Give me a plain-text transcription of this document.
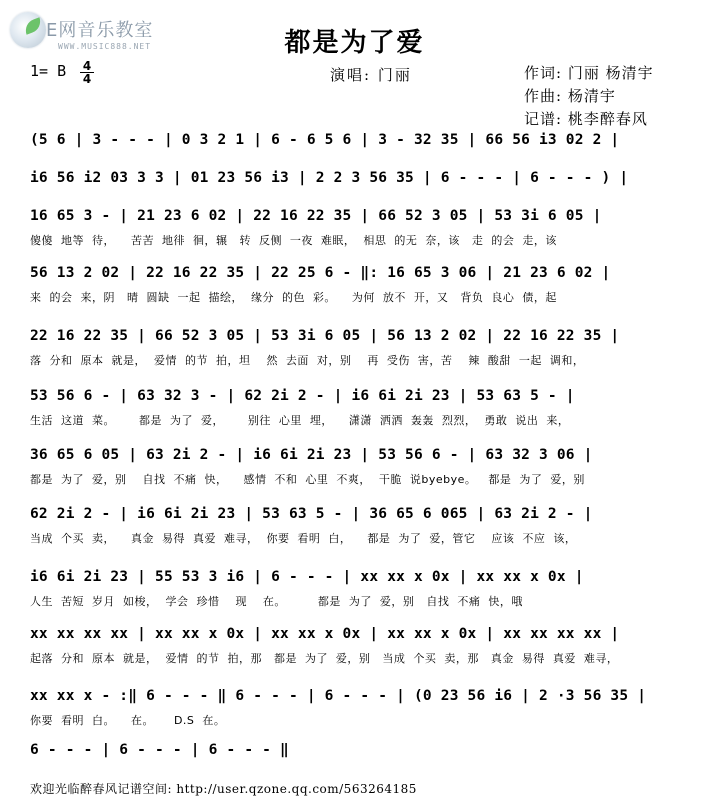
E网音乐教室
WWW.MUSIC888.NET	都是为了爱
1= B 4
4	演唱: 门丽	作词: 门丽 杨清宇
作曲: 杨清宇
记谱: 桃李醉春风
(5 6 | 3 - - - | 0 3 2 1 | 6 - 6 5 6 | 3 - 32 35 | 66 56 i3 02 2 |
i6 56 i2 03 3 3 | 01 23 56 i3 | 2 2 3 56 35 | 6 - - - | 6 - - - ) |
16 65 3 - | 21 23 6 02 | 22 16 22 35 | 66 52 3 05 | 53 3i 6 05 |
傻傻  地等  待，    苦苦  地徘  徊，辗   转  反侧  一夜  难眠，  相思  的无  奈，该   走  的会  走，该
56 13 2 02 | 22 16 22 35 | 22 25 6 - ‖: 16 65 3 06 | 21 23 6 02 |
来  的会  来，阴   晴  圆缺  一起  描绘，  缘分  的色  彩。    为何  放不  开，又   背负  良心  债，起
22 16 22 35 | 66 52 3 05 | 53 3i 6 05 | 56 13 2 02 | 22 16 22 35 |
落  分和  原本  就是，  爱情  的节  拍，坦    然  去面  对，别    再  受伤  害，苦    辣  酸甜  一起  调和，
53 56 6 - | 63 32 3 - | 62 2i 2 - | i6 6i 2i 23 | 53 63 5 - |
生活  这道  菜。      都是  为了  爱，      别往  心里  埋，    潇潇  洒洒  轰轰  烈烈，  勇敢  说出  来，
36 65 6 05 | 63 2i 2 - | i6 6i 2i 23 | 53 56 6 - | 63 32 3 06 |
都是  为了  爱，别    自找  不痛  快，    感情  不和  心里  不爽，  干脆  说byebye。   都是  为了  爱，别
62 2i 2 - | i6 6i 2i 23 | 53 63 5 - | 36 65 6 065 | 63 2i 2 - |
当成  个买  卖，    真金  易得  真爱  难寻，  你要  看明  白，    都是  为了  爱，管它    应该  不应  该，
i6 6i 2i 23 | 55 53 3 i6 | 6 - - - | xx xx x 0x | xx xx x 0x |
人生  苦短  岁月  如梭，  学会  珍惜    现    在。        都是  为了  爱，别   自找  不痛  快，哦
xx xx xx xx | xx xx x 0x | xx xx x 0x | xx xx x 0x | xx xx xx xx |
起落  分和  原本  就是，  爱情  的节  拍，那   都是  为了  爱，别   当成  个买  卖，那   真金  易得  真爱  难寻，
xx xx x - :‖ 6 - - - ‖ 6 - - - | 6 - - - | (0 23 56 i6 | 2 ·3 56 35 |
你要  看明  白。    在。     D.S  在。
6 - - - | 6 - - - | 6 - - - ‖
欢迎光临醉春风记谱空间: http://user.qzone.qq.com/563264185
